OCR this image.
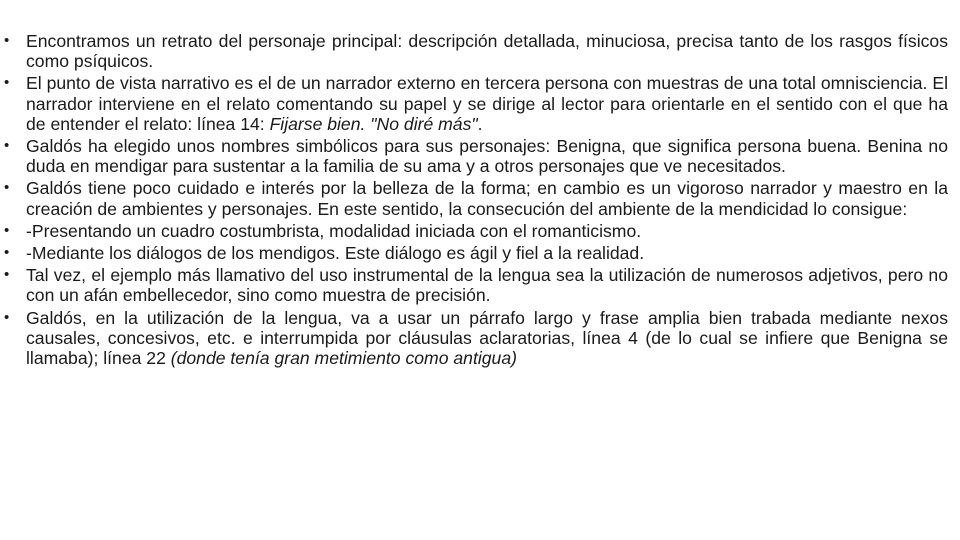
• Encontramos un retrato del personaje principal: descripción detallada, minuciosa, precisa tanto de los rasgos físicos como psíquicos.
• El punto de vista narrativo es el de un narrador externo en tercera persona con muestras de una total omnisciencia. El narrador interviene en el relato comentando su papel y se dirige al lector para orientarle en el sentido con el que ha de entender el relato: línea 14: Fijarse bien. "No diré más".
• Galdós ha elegido unos nombres simbólicos para sus personajes: Benigna, que significa persona buena. Benina no duda en mendigar para sustentar a la familia de su ama y a otros personajes que ve necesitados.
• Galdós tiene poco cuidado e interés por la belleza de la forma; en cambio es un vigoroso narrador y maestro en la creación de ambientes y personajes. En este sentido, la consecución del ambiente de la mendicidad lo consigue:
• -Presentando un cuadro costumbrista, modalidad iniciada con el romanticismo.
• -Mediante los diálogos de los mendigos. Este diálogo es ágil y fiel a la realidad.
• Tal vez, el ejemplo más llamativo del uso instrumental de la lengua sea la utilización de numerosos adjetivos, pero no con un afán embellecedor, sino como muestra de precisión.
• Galdós, en la utilización de la lengua, va a usar un párrafo largo y frase amplia bien trabada mediante nexos causales, concesivos, etc. e interrumpida por cláusulas aclaratorias, línea 4 (de lo cual se infiere que Benigna se llamaba); línea 22 (donde tenía gran metimiento como antigua)
